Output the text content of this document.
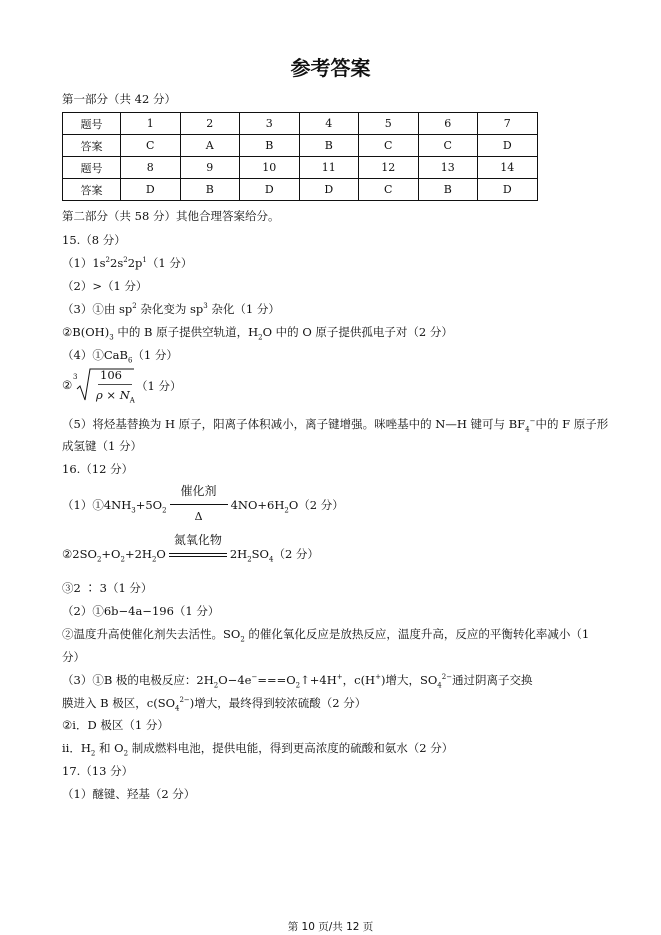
参考答案
第一部分（共 42 分）
题号	1	2	3	4	5	6	7
答案	C	A	B	B	C	C	D
题号	8	9	10	11	12	13	14
答案	D	B	D	D	C	B	D
第二部分（共 58 分）其他合理答案给分。
15.（8 分）
$(1)1s^22s^22p^1(1$ 分）
（2）>（1 分）
（3）①由 $sp^2$ 杂化变为 $sp^3$ 杂化（1 分）
$②B(OH)_3$ 中的 B 原子提供空轨道，$H_2O$ 中的 O 原子提供孤电子对（2 分）
（4）①CaB$_6$（1 分）
②
3 106
$\rho \times N_A$
（1 分）
（5）将烃基替换为 H 原子，阳离子体积减小，离子键增强。咪唑基中的 N—H 键可与 $BF_4^-$中的 F 原子形
成氢键（1 分）
16.（12 分）
$(1)①4NH_3+5O_2$
催化剂
Δ
$4NO+6H_2O(2$ 分）
$②2SO_2+O_2+2H_2O$
氮氧化物
$2H_2SO_4(2$ 分）
③2 ∶ 3（1 分）
（2）①6b−4a−196（1 分）
②温度升高使催化剂失去活性。$SO_2$ 的催化氧化反应是放热反应，温度升高，反应的平衡转化率减小（1
分）
（3）①B 极的电极反应：$2H_2O-4e^-===O_2↑+4H^+$，c(H+)增大，$SO_4^{2-}$通过阴离子交换
膜进入 B 极区，$c(SO_4^{2-})$增大，最终得到较浓硫酸（2 分）
②ⅰ．D 极区（1 分）
ⅱ．$H_2$ 和 $O_2$ 制成燃料电池，提供电能，得到更高浓度的硫酸和氨水（2 分）
17.（13 分）
（1）醚键、羟基（2 分）
第 10 页/共 12 页
